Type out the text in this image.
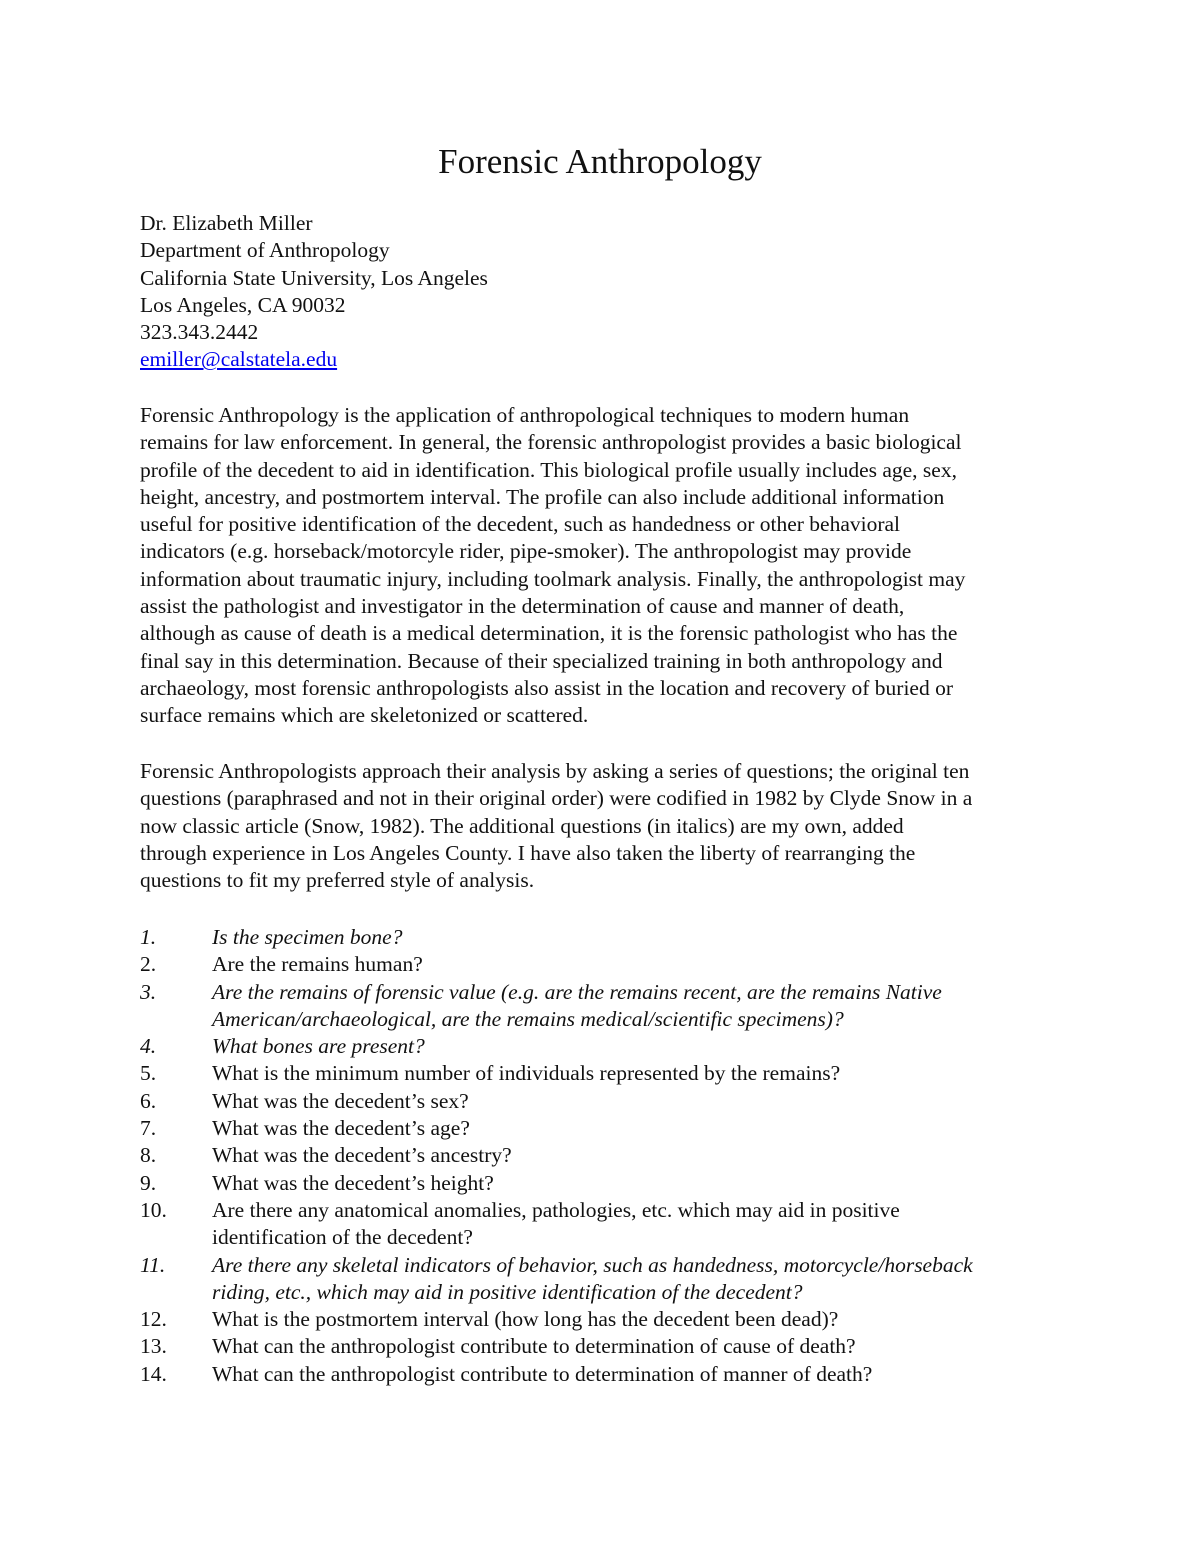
Forensic Anthropology
Dr. Elizabeth Miller
Department of Anthropology
California State University, Los Angeles
Los Angeles, CA 90032
323.343.2442
emiller@calstatela.edu
Forensic Anthropology is the application of anthropological techniques to modern human
remains for law enforcement. In general, the forensic anthropologist provides a basic biological
profile of the decedent to aid in identification. This biological profile usually includes age, sex,
height, ancestry, and postmortem interval. The profile can also include additional information
useful for positive identification of the decedent, such as handedness or other behavioral
indicators (e.g. horseback/motorcyle rider, pipe-smoker). The anthropologist may provide
information about traumatic injury, including toolmark analysis. Finally, the anthropologist may
assist the pathologist and investigator in the determination of cause and manner of death,
although as cause of death is a medical determination, it is the forensic pathologist who has the
final say in this determination. Because of their specialized training in both anthropology and
archaeology, most forensic anthropologists also assist in the location and recovery of buried or
surface remains which are skeletonized or scattered.
Forensic Anthropologists approach their analysis by asking a series of questions; the original ten
questions (paraphrased and not in their original order) were codified in 1982 by Clyde Snow in a
now classic article (Snow, 1982). The additional questions (in italics) are my own, added
through experience in Los Angeles County. I have also taken the liberty of rearranging the
questions to fit my preferred style of analysis.
1.	Is the specimen bone?
2.	Are the remains human?
3.	Are the remains of forensic value (e.g. are the remains recent, are the remains Native
American/archaeological, are the remains medical/scientific specimens)?
4.	What bones are present?
5.	What is the minimum number of individuals represented by the remains?
6.	What was the decedent’s sex?
7.	What was the decedent’s age?
8.	What was the decedent’s ancestry?
9.	What was the decedent’s height?
10. Are there any anatomical anomalies, pathologies, etc. which may aid in positive
identification of the decedent?
11. Are there any skeletal indicators of behavior, such as handedness, motorcycle/horseback
riding, etc., which may aid in positive identification of the decedent?
12. What is the postmortem interval (how long has the decedent been dead)?
13. What can the anthropologist contribute to determination of cause of death?
14. What can the anthropologist contribute to determination of manner of death?
